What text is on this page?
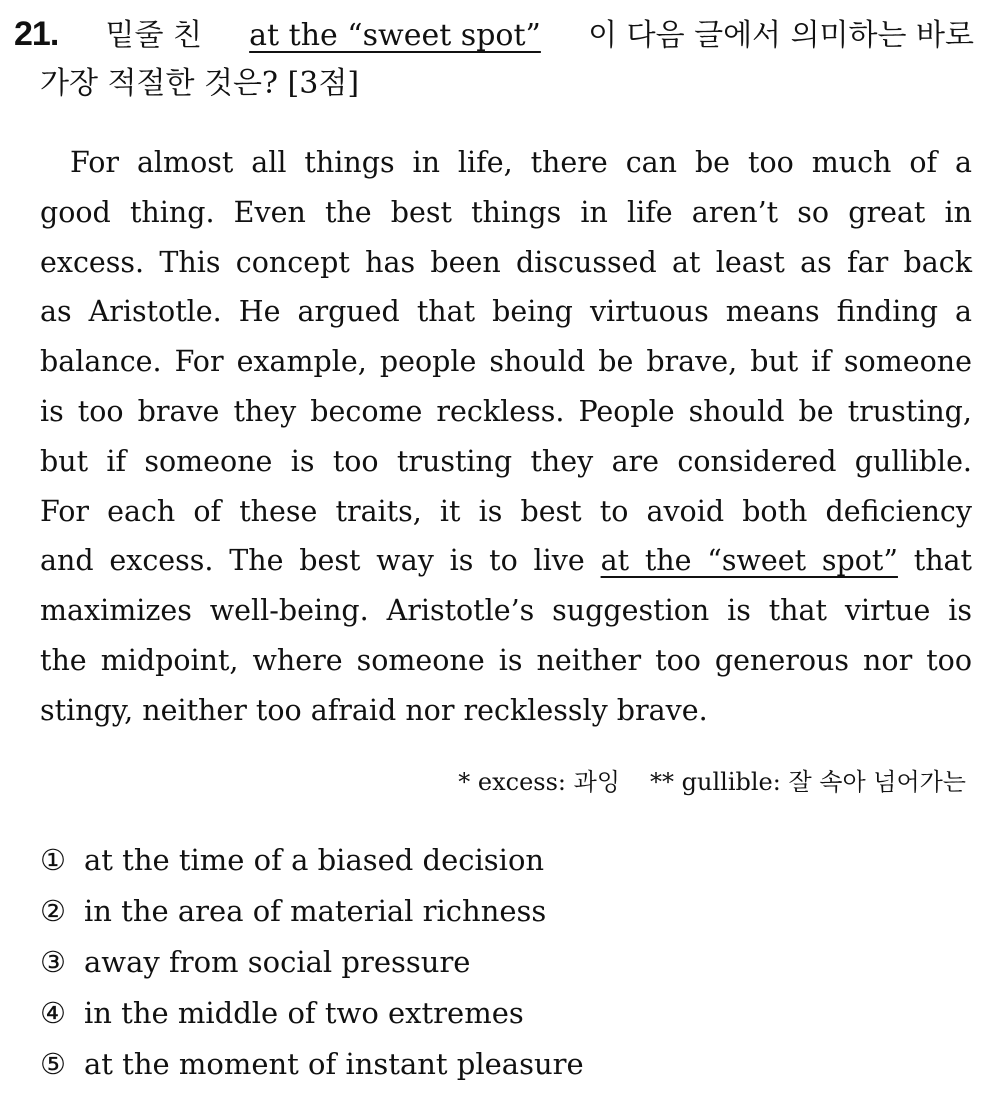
21. 밑줄 친 at the “sweet spot” 이 다음 글에서 의미하는 바로
가장 적절한 것은? [3점]
For almost all things in life, there can be too much of a
good thing. Even the best things in life aren’t so great in
excess. This concept has been discussed at least as far back
as Aristotle. He argued that being virtuous means finding a
balance. For example, people should be brave, but if someone
is too brave they become reckless. People should be trusting,
but if someone is too trusting they are considered gullible.
For each of these traits, it is best to avoid both deficiency
and excess. The best way is to live at the “sweet spot” that
maximizes well-being. Aristotle’s suggestion is that virtue is
the midpoint, where someone is neither too generous nor too
stingy, neither too afraid nor recklessly brave.
* excess: 과잉 ** gullible: 잘 속아 넘어가는
① at the time of a biased decision
② in the area of material richness
③ away from social pressure
④ in the middle of two extremes
⑤ at the moment of instant pleasure
